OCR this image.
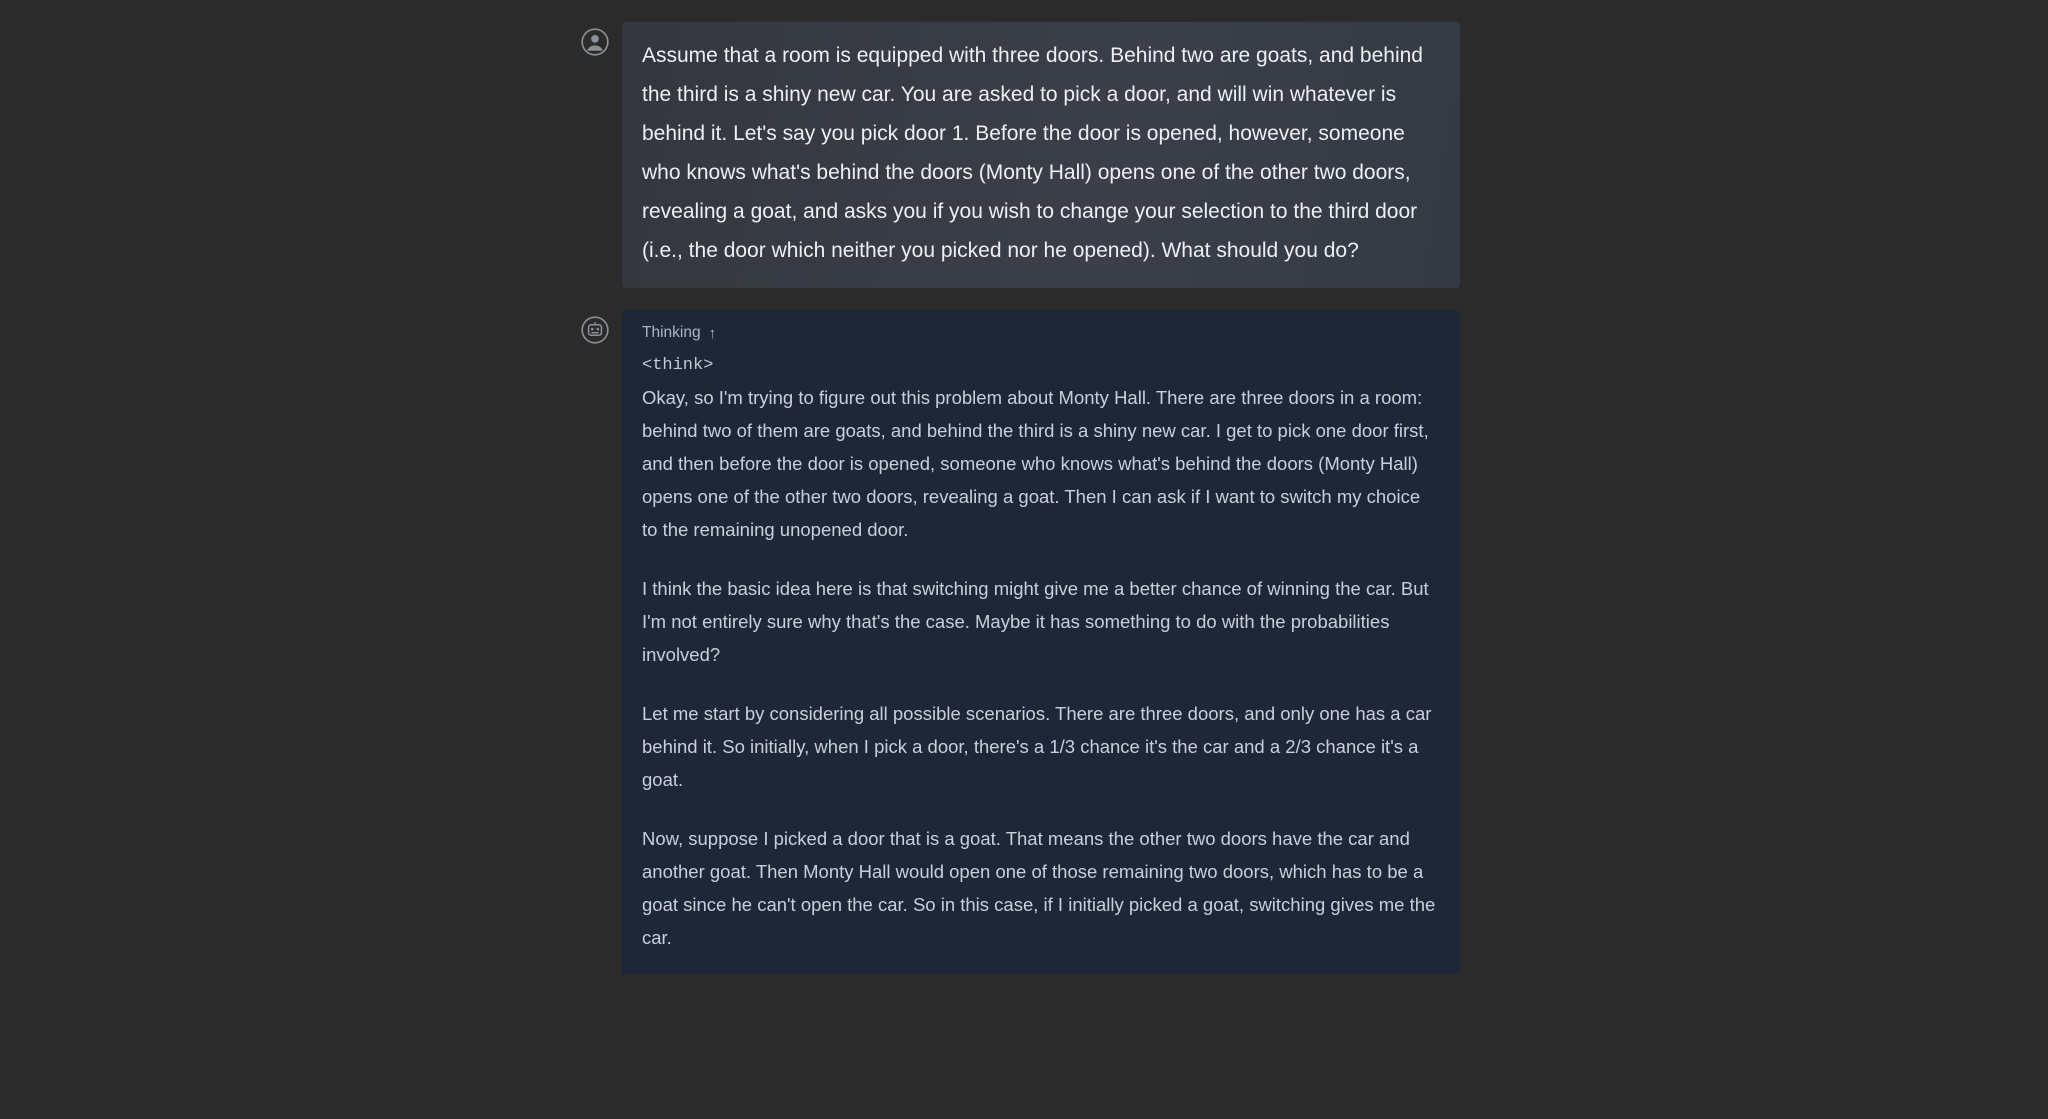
Assume that a room is equipped with three doors. Behind two are goats, and behind the third is a shiny new car. You are asked to pick a door, and will win whatever is behind it. Let's say you pick door 1. Before the door is opened, however, someone who knows what's behind the doors (Monty Hall) opens one of the other two doors, revealing a goat, and asks you if you wish to change your selection to the third door (i.e., the door which neither you picked nor he opened). What should you do?
Thinking ↑
<think>

Okay, so I'm trying to figure out this problem about Monty Hall. There are three doors in a room: behind two of them are goats, and behind the third is a shiny new car. I get to pick one door first, and then before the door is opened, someone who knows what's behind the doors (Monty Hall) opens one of the other two doors, revealing a goat. Then I can ask if I want to switch my choice to the remaining unopened door.

I think the basic idea here is that switching might give me a better chance of winning the car. But I'm not entirely sure why that's the case. Maybe it has something to do with the probabilities involved?

Let me start by considering all possible scenarios. There are three doors, and only one has a car behind it. So initially, when I pick a door, there's a 1/3 chance it's the car and a 2/3 chance it's a goat.

Now, suppose I picked a door that is a goat. That means the other two doors have the car and another goat. Then Monty Hall would open one of those remaining two doors, which has to be a goat since he can't open the car. So in this case, if I initially picked a goat, switching gives me the car.
